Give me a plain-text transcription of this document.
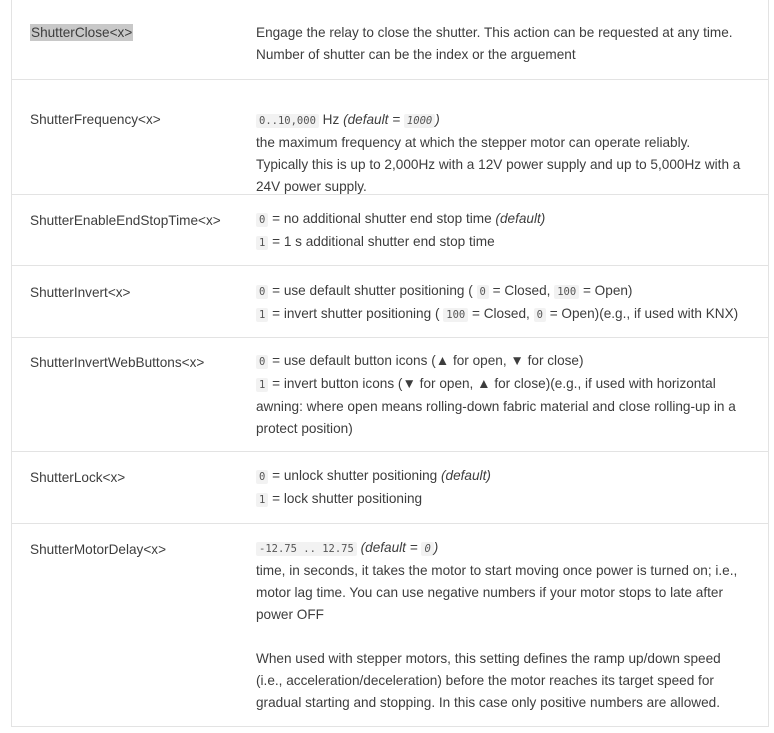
ShutterClose<x>	Engage the relay to close the shutter. This action can be requested at any time.

Number of shutter can be the index or the arguement

ShutterFrequency<x>	0..10,000 Hz (default = 1000 )

the maximum frequency at which the stepper motor can operate reliably.

Typically this is up to 2,000Hz with a 12V power supply and up to 5,000Hz with a

24V power supply.

ShutterEnableEndStopTime<x>	0 = no additional shutter end stop time (default)

1 = 1 s additional shutter end stop time

ShutterInvert<x>	0 = use default shutter positioning ( 0 = Closed, 100 = Open)

1 = invert shutter positioning ( 100 = Closed, 0 = Open)(e.g., if used with KNX)

ShutterInvertWebButtons<x>	0 = use default button icons (▲ for open, ▼ for close)

1 = invert button icons (▼ for open, ▲ for close)(e.g., if used with horizontal

awning: where open means rolling-down fabric material and close rolling-up in a

protect position)

ShutterLock<x>	0 = unlock shutter positioning (default)

1 = lock shutter positioning

ShutterMotorDelay<x>	-12.75 .. 12.75 (default = 0 )

time, in seconds, it takes the motor to start moving once power is turned on; i.e.,

motor lag time. You can use negative numbers if your motor stops to late after

power OFF

When used with stepper motors, this setting defines the ramp up/down speed

(i.e., acceleration/deceleration) before the motor reaches its target speed for

gradual starting and stopping. In this case only positive numbers are allowed.
